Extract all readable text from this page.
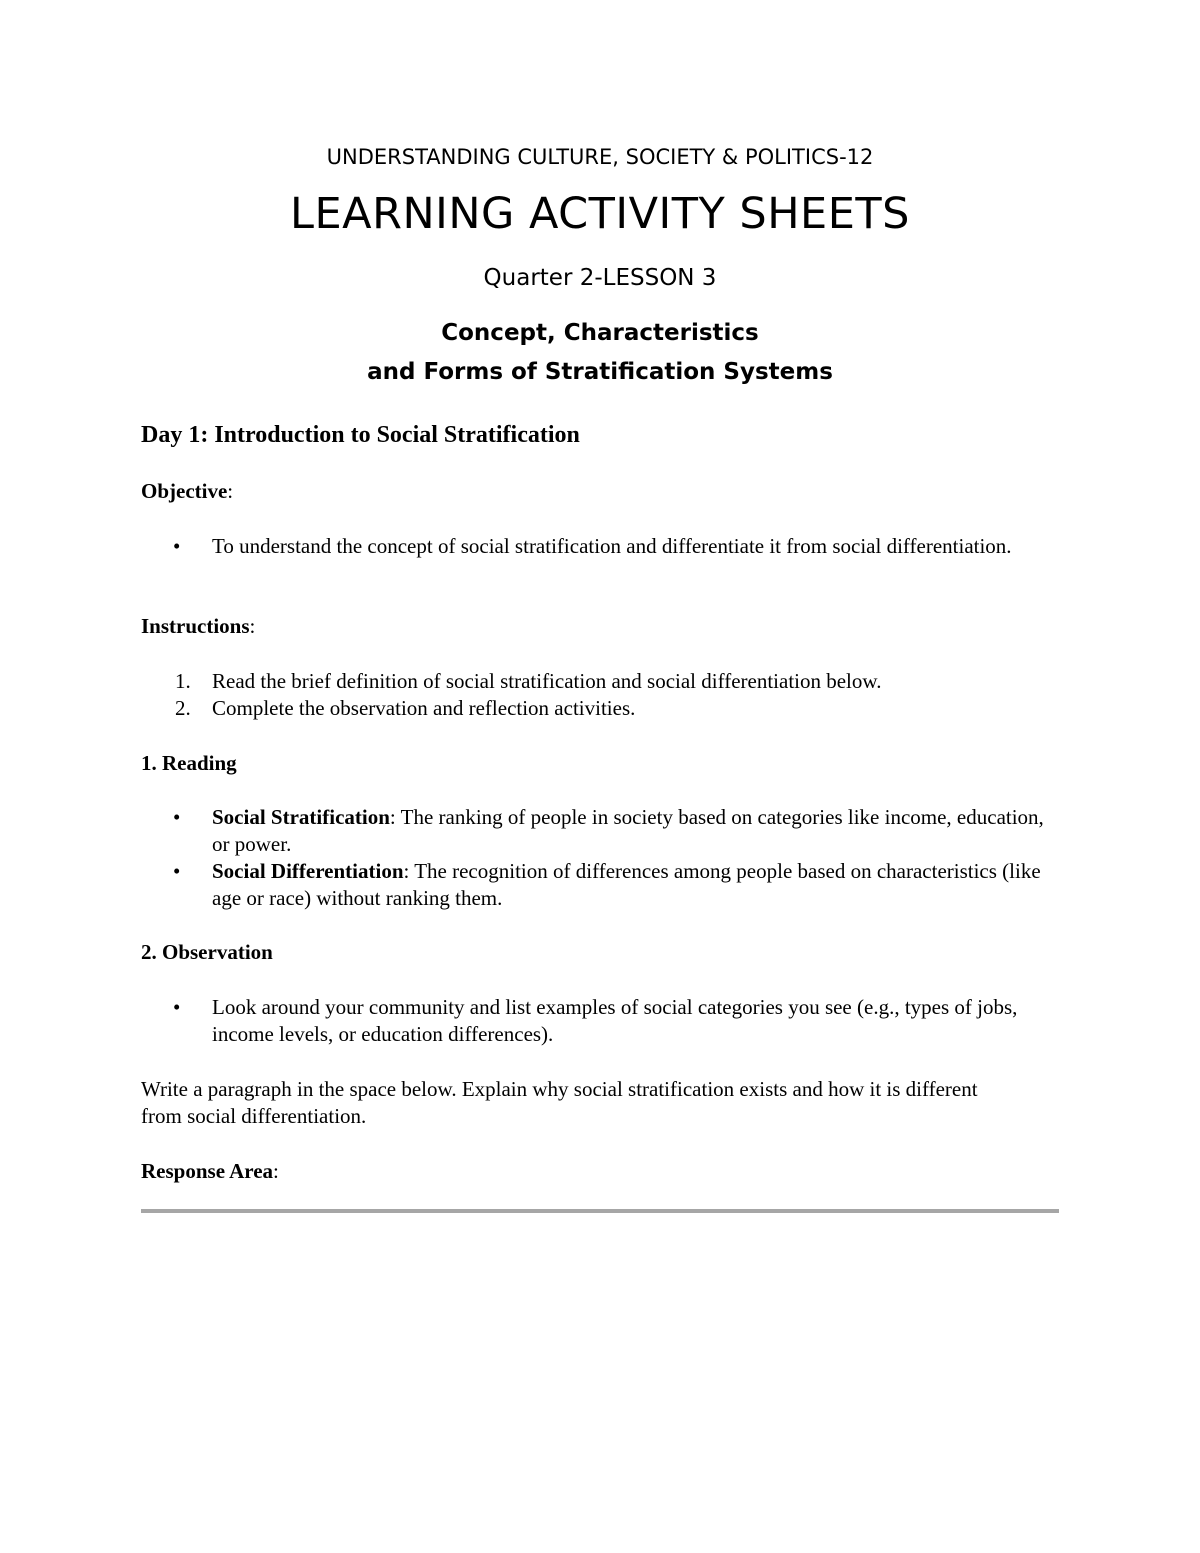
UNDERSTANDING CULTURE, SOCIETY & POLITICS-12
LEARNING ACTIVITY SHEETS
Quarter 2-LESSON 3
Concept, Characteristics
and Forms of Stratification Systems
Day 1: Introduction to Social Stratification
Objective:
•	To understand the concept of social stratification and differentiate it from social differentiation.
Instructions:
1.	Read the brief definition of social stratification and social differentiation below.
2.	Complete the observation and reflection activities.
1. Reading
•	Social Stratification: The ranking of people in society based on categories like income, education, or power.
•	Social Differentiation: The recognition of differences among people based on characteristics (like age or race) without ranking them.
2. Observation
•	Look around your community and list examples of social categories you see (e.g., types of jobs, income levels, or education differences).
Write a paragraph in the space below. Explain why social stratification exists and how it is different from social differentiation.
Response Area:
